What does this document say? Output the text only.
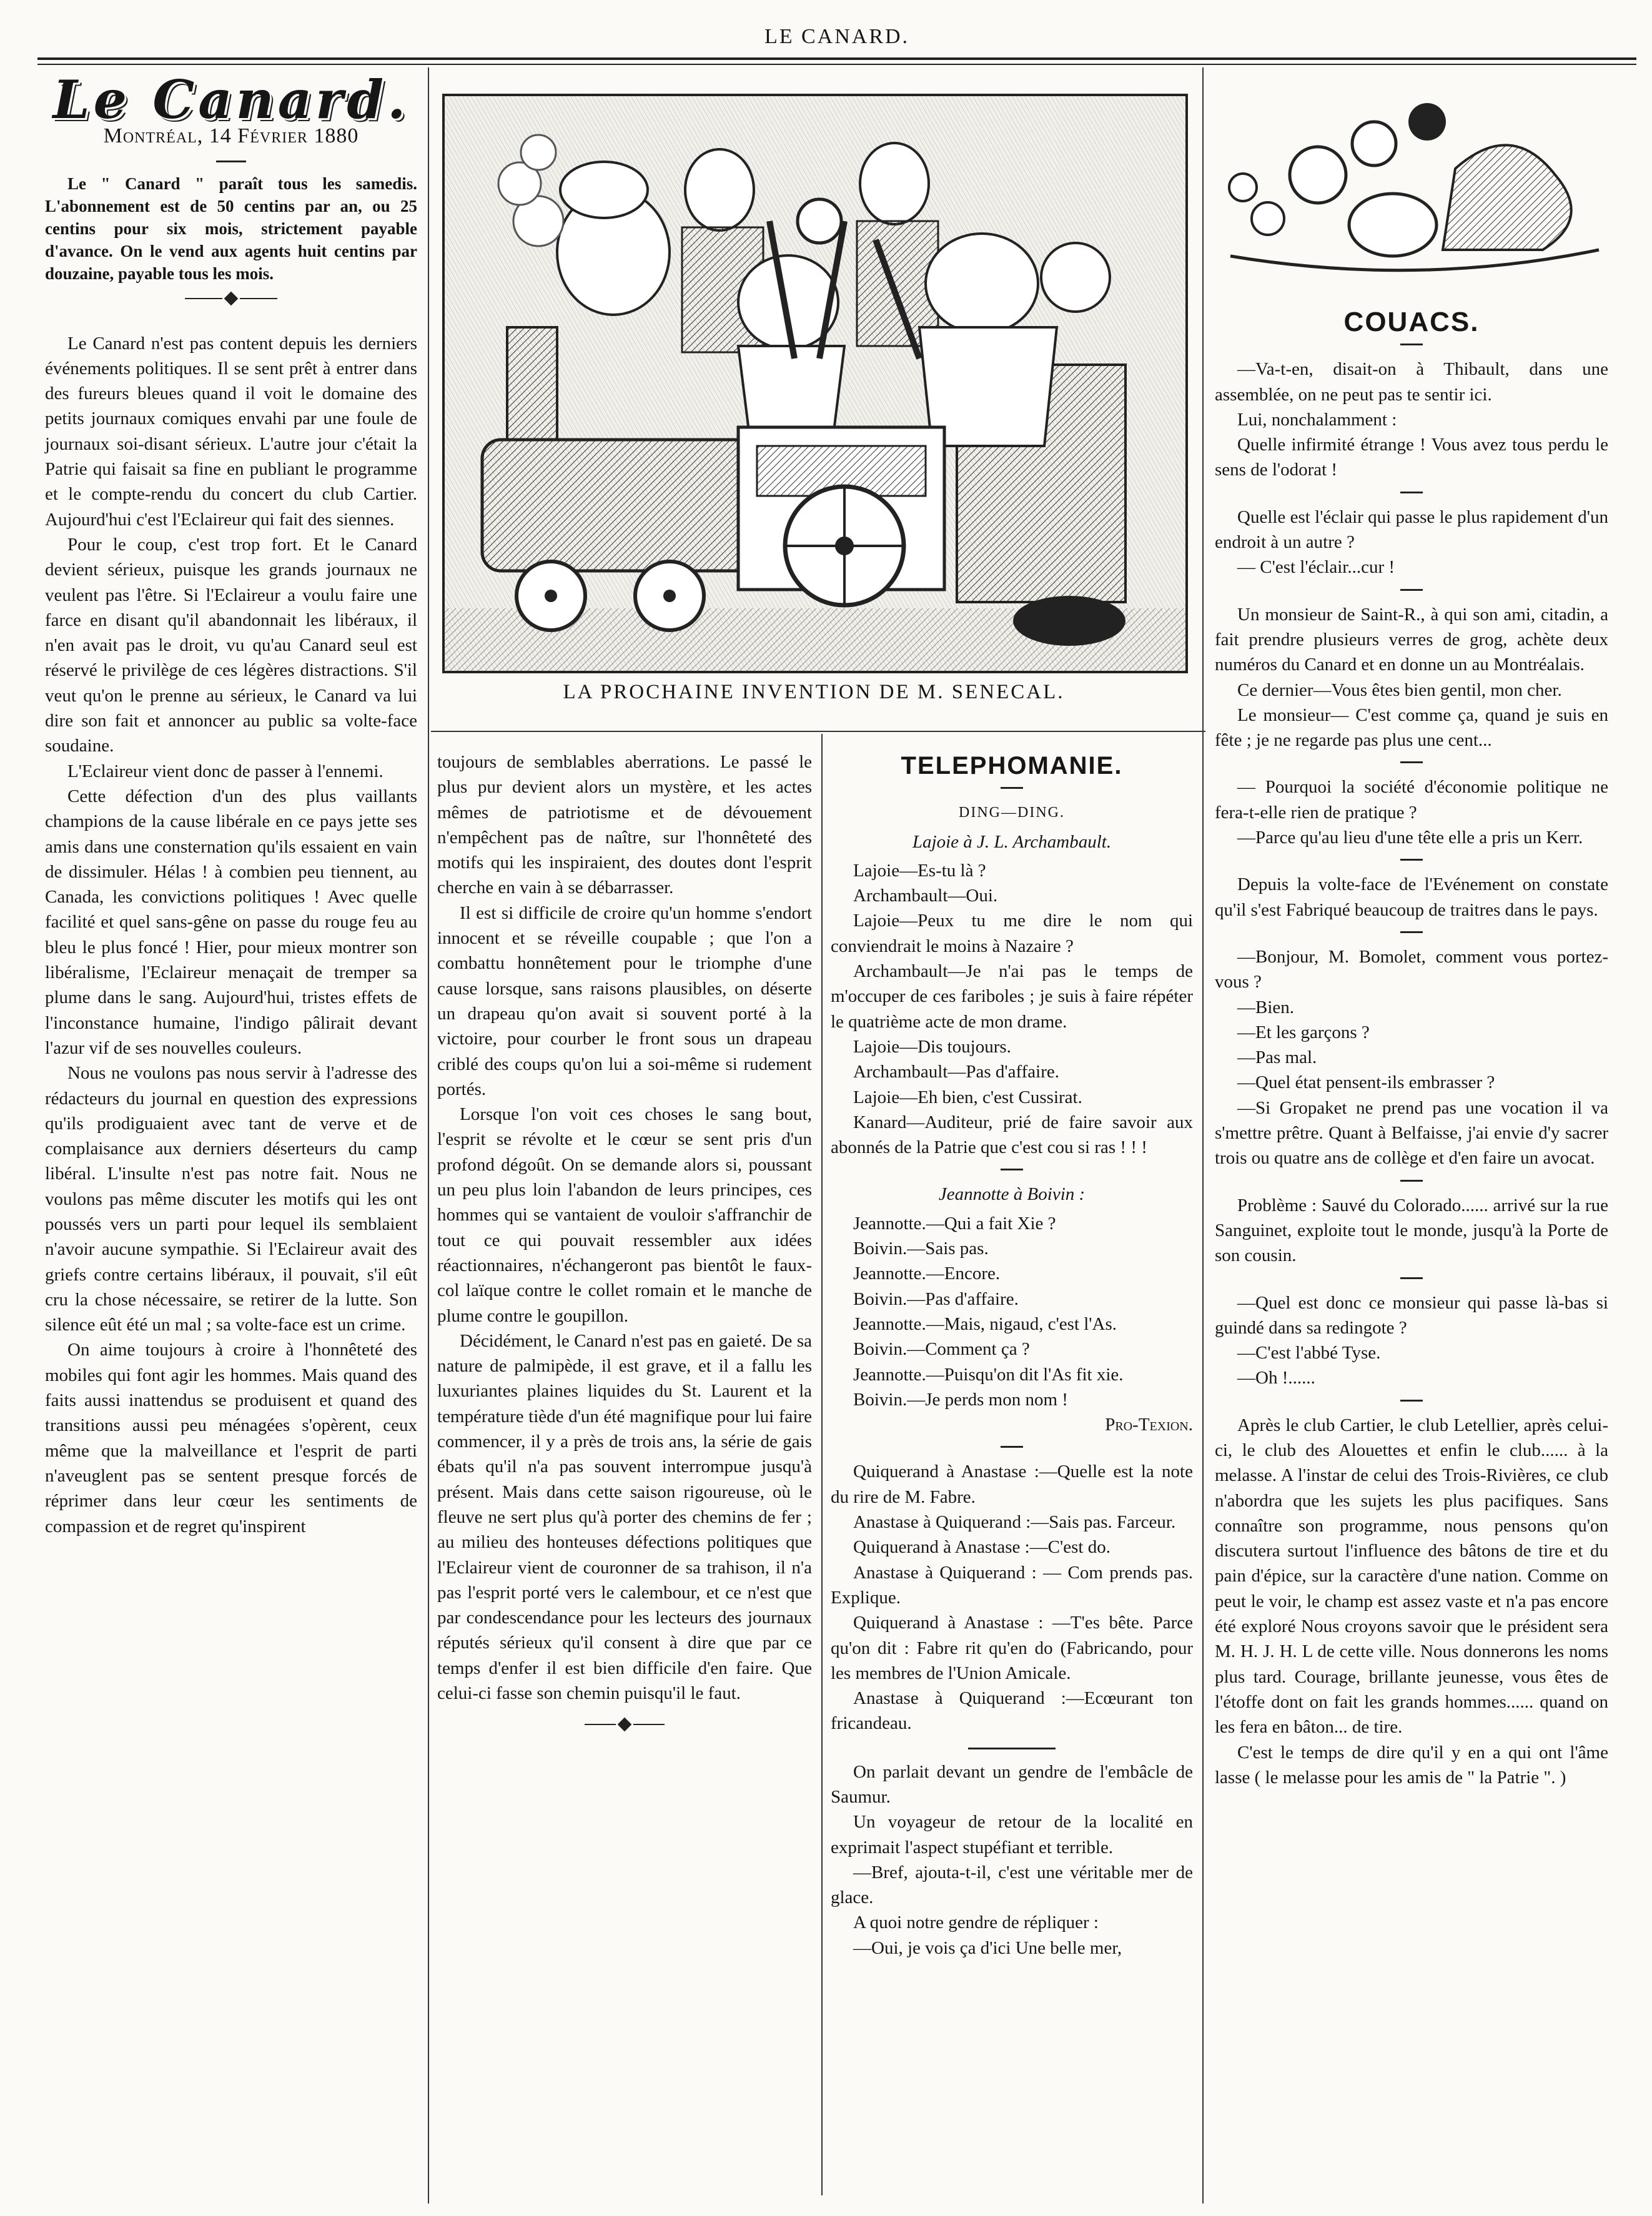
LE CANARD.
Le Canard.
Montréal, 14 Février 1880

Le " Canard " paraît tous les samedis. L'abonnement est de 50 centins par an, ou 25 centins pour six mois, strictement payable d'avance. On le vend aux agents huit centins par douzaine, payable tous les mois.

Le Canard n'est pas content depuis les derniers événements politiques. Il se sent prêt à entrer dans des fureurs bleues quand il voit le domaine des petits journaux comiques envahi par une foule de journaux soi-disant sérieux. L'autre jour c'était la Patrie qui faisait sa fine en publiant le programme et le compte-rendu du concert du club Cartier. Aujourd'hui c'est l'Eclaireur qui fait des siennes.

Pour le coup, c'est trop fort. Et le Canard devient sérieux, puisque les grands journaux ne veulent pas l'être. Si l'Eclaireur a voulu faire une farce en disant qu'il abandonnait les libéraux, il n'en avait pas le droit, vu qu'au Canard seul est réservé le privilège de ces légères distractions. S'il veut qu'on le prenne au sérieux, le Canard va lui dire son fait et annoncer au public sa volte-face soudaine.

L'Eclaireur vient donc de passer à l'ennemi.

Cette défection d'un des plus vaillants champions de la cause libérale en ce pays jette ses amis dans une consternation qu'ils essaient en vain de dissimuler. Hélas ! à combien peu tiennent, au Canada, les convictions politiques ! Avec quelle facilité et quel sans-gêne on passe du rouge feu au bleu le plus foncé ! Hier, pour mieux montrer son libéralisme, l'Eclaireur menaçait de tremper sa plume dans le sang. Aujourd'hui, tristes effets de l'inconstance humaine, l'indigo pâlirait devant l'azur vif de ses nouvelles couleurs.

Nous ne voulons pas nous servir à l'adresse des rédacteurs du journal en question des expressions qu'ils prodiguaient avec tant de verve et de complaisance aux derniers déserteurs du camp libéral. L'insulte n'est pas notre fait. Nous ne voulons pas même discuter les motifs qui les ont poussés vers un parti pour lequel ils semblaient n'avoir aucune sympathie. Si l'Eclaireur avait des griefs contre certains libéraux, il pouvait, s'il eût cru la chose nécessaire, se retirer de la lutte. Son silence eût été un mal ; sa volte-face est un crime.

On aime toujours à croire à l'honnêteté des mobiles qui font agir les hommes. Mais quand des faits aussi inattendus se produisent et quand des transitions aussi peu ménagées s'opèrent, ceux même que la malveillance et l'esprit de parti n'aveuglent pas se sentent presque forcés de réprimer dans leur cœur les sentiments de compassion et de regret qu'inspirent

LA PROCHAINE INVENTION DE M. SENECAL.

toujours de semblables aberrations. Le passé le plus pur devient alors un mystère, et les actes mêmes de patriotisme et de dévouement n'empêchent pas de naître, sur l'honnêteté des motifs qui les inspiraient, des doutes dont l'esprit cherche en vain à se débarrasser.

Il est si difficile de croire qu'un homme s'endort innocent et se réveille coupable ; que l'on a combattu honnêtement pour le triomphe d'une cause lorsque, sans raisons plausibles, on déserte un drapeau qu'on avait si souvent porté à la victoire, pour courber le front sous un drapeau criblé des coups qu'on lui a soi-même si rudement portés.

Lorsque l'on voit ces choses le sang bout, l'esprit se révolte et le cœur se sent pris d'un profond dégoût. On se demande alors si, poussant un peu plus loin l'abandon de leurs principes, ces hommes qui se vantaient de vouloir s'affranchir de tout ce qui pouvait ressembler aux idées réactionnaires, n'échangeront pas bientôt le faux-col laïque contre le collet romain et le manche de plume contre le goupillon.

Décidément, le Canard n'est pas en gaieté. De sa nature de palmipède, il est grave, et il a fallu les luxuriantes plaines liquides du St. Laurent et la température tiède d'un été magnifique pour lui faire commencer, il y a près de trois ans, la série de gais ébats qu'il n'a pas souvent interrompue jusqu'à présent. Mais dans cette saison rigoureuse, où le fleuve ne sert plus qu'à porter des chemins de fer ; au milieu des honteuses défections politiques que l'Eclaireur vient de couronner de sa trahison, il n'a pas l'esprit porté vers le calembour, et ce n'est que par condescendance pour les lecteurs des journaux réputés sérieux qu'il consent à dire que par ce temps d'enfer il est bien difficile d'en faire. Que celui-ci fasse son chemin puisqu'il le faut.

TELEPHOMANIE.
DING—DING.
Lajoie à J. L. Archambault.

Lajoie—Es-tu là ?

Archambault—Oui.

Lajoie—Peux tu me dire le nom qui conviendrait le moins à Nazaire ?

Archambault—Je n'ai pas le temps de m'occuper de ces fariboles ; je suis à faire répéter le quatrième acte de mon drame.

Lajoie—Dis toujours.

Archambault—Pas d'affaire.

Lajoie—Eh bien, c'est Cussirat.

Kanard—Auditeur, prié de faire savoir aux abonnés de la Patrie que c'est cou si ras ! ! !

Jeannotte à Boivin :

Jeannotte.—Qui a fait Xie ?

Boivin.—Sais pas.

Jeannotte.—Encore.

Boivin.—Pas d'affaire.

Jeannotte.—Mais, nigaud, c'est l'As.

Boivin.—Comment ça ?

Jeannotte.—Puisqu'on dit l'As fit xie.

Boivin.—Je perds mon nom !

Pro-Texion.

Quiquerand à Anastase :—Quelle est la note du rire de M. Fabre.

Anastase à Quiquerand :—Sais pas. Farceur.

Quiquerand à Anastase :—C'est do.

Anastase à Quiquerand : — Com prends pas. Explique.

Quiquerand à Anastase : —T'es bête. Parce qu'on dit : Fabre rit qu'en do (Fabricando, pour les membres de l'Union Amicale.

Anastase à Quiquerand :—Ecœurant ton fricandeau.

On parlait devant un gendre de l'embâcle de Saumur.

Un voyageur de retour de la localité en exprimait l'aspect stupéfiant et terrible.

—Bref, ajouta-t-il, c'est une véritable mer de glace.

A quoi notre gendre de répliquer :

—Oui, je vois ça d'ici Une belle mer,

COUACS.

—Va-t-en, disait-on à Thibault, dans une assemblée, on ne peut pas te sentir ici.

Lui, nonchalamment :

Quelle infirmité étrange ! Vous avez tous perdu le sens de l'odorat !

Quelle est l'éclair qui passe le plus rapidement d'un endroit à un autre ?

— C'est l'éclair...cur !

Un monsieur de Saint-R., à qui son ami, citadin, a fait prendre plusieurs verres de grog, achète deux numéros du Canard et en donne un au Montréalais.

Ce dernier—Vous êtes bien gentil, mon cher.

Le monsieur— C'est comme ça, quand je suis en fête ; je ne regarde pas plus une cent...

— Pourquoi la société d'économie politique ne fera-t-elle rien de pratique ?

—Parce qu'au lieu d'une tête elle a pris un Kerr.

Depuis la volte-face de l'Evénement on constate qu'il s'est Fabriqué beaucoup de traitres dans le pays.

—Bonjour, M. Bomolet, comment vous portez-vous ?

—Bien.

—Et les garçons ?

—Pas mal.

—Quel état pensent-ils embrasser ?

—Si Gropaket ne prend pas une vocation il va s'mettre prêtre. Quant à Belfaisse, j'ai envie d'y sacrer trois ou quatre ans de collège et d'en faire un avocat.

Problème : Sauvé du Colorado...... arrivé sur la rue Sanguinet, exploite tout le monde, jusqu'à la Porte de son cousin.

—Quel est donc ce monsieur qui passe là-bas si guindé dans sa redingote ?

—C'est l'abbé Tyse.

—Oh !......

Après le club Cartier, le club Letellier, après celui-ci, le club des Alouettes et enfin le club...... à la melasse. A l'instar de celui des Trois-Rivières, ce club n'abordra que les sujets les plus pacifiques. Sans connaître son programme, nous pensons qu'on discutera surtout l'influence des bâtons de tire et du pain d'épice, sur la caractère d'une nation. Comme on peut le voir, le champ est assez vaste et n'a pas encore été exploré Nous croyons savoir que le président sera M. H. J. H. L de cette ville. Nous donnerons les noms plus tard. Courage, brillante jeunesse, vous êtes de l'étoffe dont on fait les grands hommes...... quand on les fera en bâton... de tire.

C'est le temps de dire qu'il y en a qui ont l'âme lasse ( le melasse pour les amis de " la Patrie ". )
